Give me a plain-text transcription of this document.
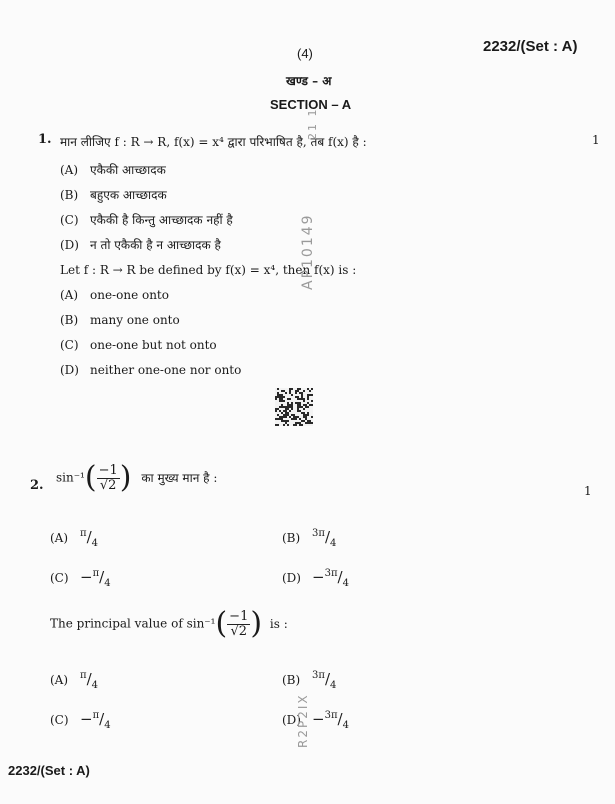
(4)	2232/(Set : A)
खण्ड – अ
SECTION – A
1. मान लीजिए f : R → R, f(x) = x⁴ द्वारा परिभाषित है, तब f(x) है :	1
(A) एकैकी आच्छादक
(B) बहुएक आच्छादक
(C) एकैकी है किन्तु आच्छादक नहीं है
(D) न तो एकैकी है न आच्छादक है
Let f : R → R be defined by f(x) = x⁴, then f(x) is :
(A) one-one onto
(B) many one onto
(C) one-one but not onto
(D) neither one-one nor onto
AP10149
21 1
2.
$\sin^{-1}( \frac{-1}{√2}$ ) का मुख्य मान है :
1
(A) $^\pi/_4$	(B) $^{3\pi}/_4$
$(C) -^\pi/_4$	$(D) -^{3\pi}/_4$
The principal value of $\sin^{-1}( \frac{-1}{√2}$ ) is :
(A) $^\pi/_4$	(B) $^{3\pi}/_4$
$(C) -^\pi/_4$	$(D) -^{3\pi}/_4$
R2P2IX
2232/(Set : A)
